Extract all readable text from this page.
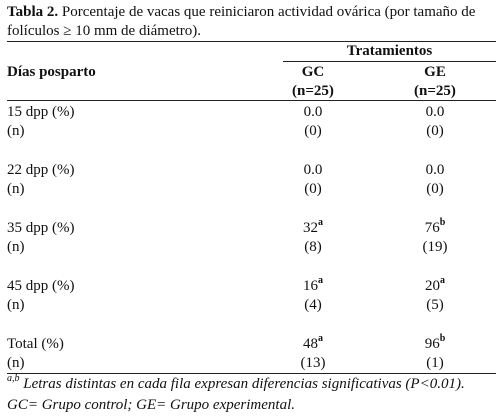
Tabla 2. Porcentaje de vacas que reiniciaron actividad ovárica (por tamaño de
folículos ≥ 10 mm de diámetro).
Días posparto
Tratamientos
GC
(n=25)
GE
(n=25)
15 dpp (%)
(n)
0.0
(0)
0.0
(0)
22 dpp (%)
(n)
0.0
(0)
0.0
(0)
35 dpp (%)
(n)
32$^a$
(8)
76$^b$
(19)
45 dpp (%)
(n)
16$^a$
(4)
20$^a$
(5)
Total (%)
(n)
48$^a$
(13)
96$^b$
(1)
$^{a,b}$ Letras distintas en cada fila expresan diferencias significativas (P<0.01).
GC= Grupo control; GE= Grupo experimental.
